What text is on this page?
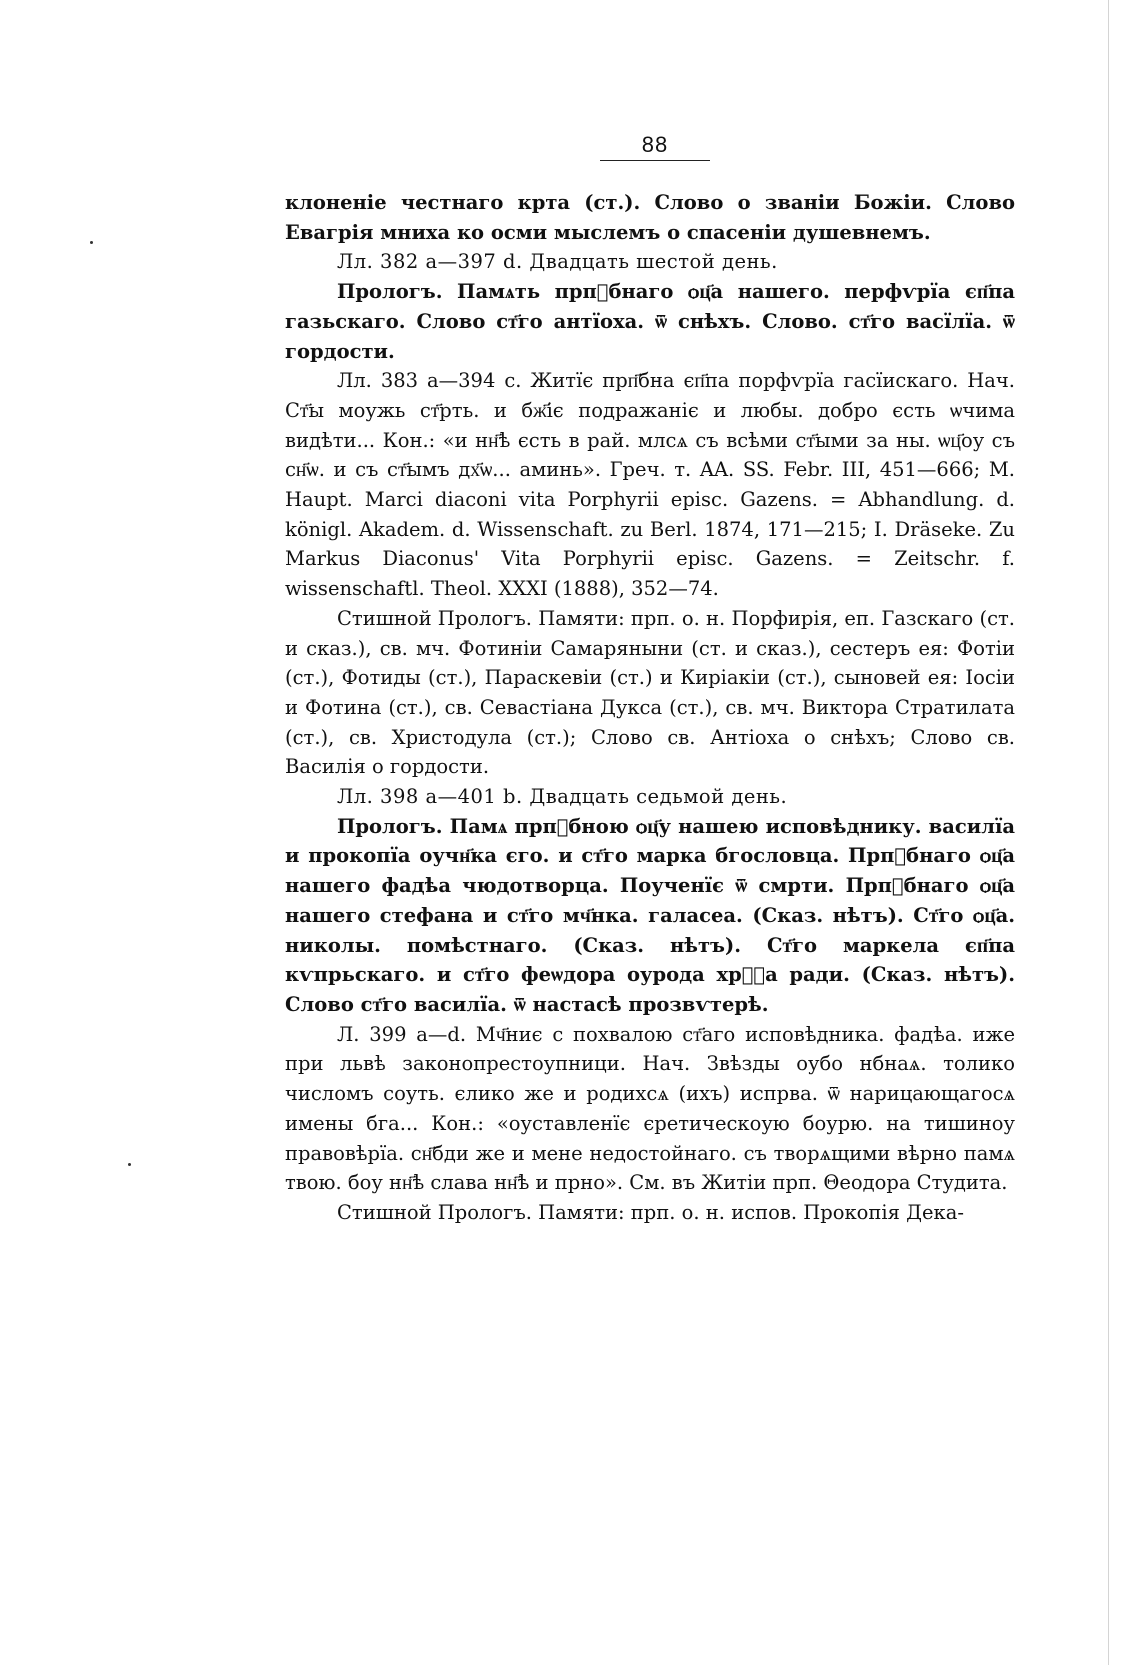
88

клоненіе честнаго крта (ст.). Слово о званіи Божіи. Слово Евагрія мниха ко осми мыслемъ о спасеніи душевнемъ.

Лл. 382 а—397 d. Двадцать шестой день.

Прологъ. Памѧть прпⷣбнаго ѻц҃а нашего. перфѵрїа єп҃па газьскаго. Слово ст҃го антїоха. ѿ снѣхъ. Слово. ст҃го васїлїа. ѿ гордости.

Лл. 383 а—394 с. Житїє прп҃бна єп҃па порфѵрїа гасїискаго. Нач. Ст҃ы моужь ст҃рть. и бж҃іє подражаніє и любы. добро єсть ѡчима видѣти... Кон.: «и нн҃ѣ єсть в рай. млсѧ съ всѣми ст҃ыми за ны. ѡц҃оу съ сн҃ѡ. и съ ст҃ымъ дх҃ѡ... аминь». Греч. т. AA. SS. Febr. III, 451—666; M. Haupt. Marci diaconi vita Porphyrii episc. Gazens. = Abhandlung. d. königl. Akadem. d. Wissenschaft. zu Berl. 1874, 171—215; I. Dräseke. Zu Markus Diaconus' Vita Porphyrii episc. Gazens. = Zeitschr. f. wissenschaftl. Theol. XXXI (1888), 352—74.

Стишной Прологъ. Памяти: прп. о. н. Порфирія, еп. Газскаго (ст. и сказ.), св. мч. Фотиніи Самаряныни (ст. и сказ.), сестеръ ея: Фотіи (ст.), Фотиды (ст.), Параскевіи (ст.) и Киріакіи (ст.), сыновей ея: Іосіи и Фотина (ст.), св. Севастіана Дукса (ст.), св. мч. Виктора Стратилата (ст.), св. Христодула (ст.); Слово св. Антіоха о снѣхъ; Слово св. Василія о гордости.

Лл. 398 а—401 b. Двадцать седьмой день.

Прологъ. Памѧ прпⷣбною ѻц҃у нашею исповѣднику. василїа и прокопїа оучн҃ка єго. и ст҃го марка бгословца. Прпⷣбнаго ѻц҃а нашего фадѣа чюдотворца. Поученїє ѿ смрти. Прпⷣбнаго ѻц҃а нашего стефана и ст҃го мч҃нка. галасеа. (Сказ. нѣтъ). Ст҃го ѻц҃а. николы. помѣстнаго. (Сказ. нѣтъ). Ст҃го маркела єп҃па кѵпрьскаго. и ст҃го феѡдора оурода хрⷭ҇а ради. (Сказ. нѣтъ). Слово ст҃го василїа. ѿ настасѣ прозвѵтерѣ.

Л. 399 а—d. Мч҃ниє с похвалою ст҃аго исповѣдника. фадѣа. иже при львѣ законопрестоупници. Нач. Звѣзды оубо нбнаѧ. толико числомъ соуть. єлико же и родихсѧ (ихъ) испрва. ѿ нарицающагосѧ имены бга... Кон.: «оуставленїє єретическоую боурю. на тишиноу правовѣрїа. сн҃бди же и мене недостойнаго. съ творѧщими вѣрно памѧ твою. боу нн҃ѣ слава нн҃ѣ и прно». См. въ Житіи прп. Θеодора Студита.

Стишной Прологъ. Памяти: прп. о. н. испов. Прокопія Дека-
